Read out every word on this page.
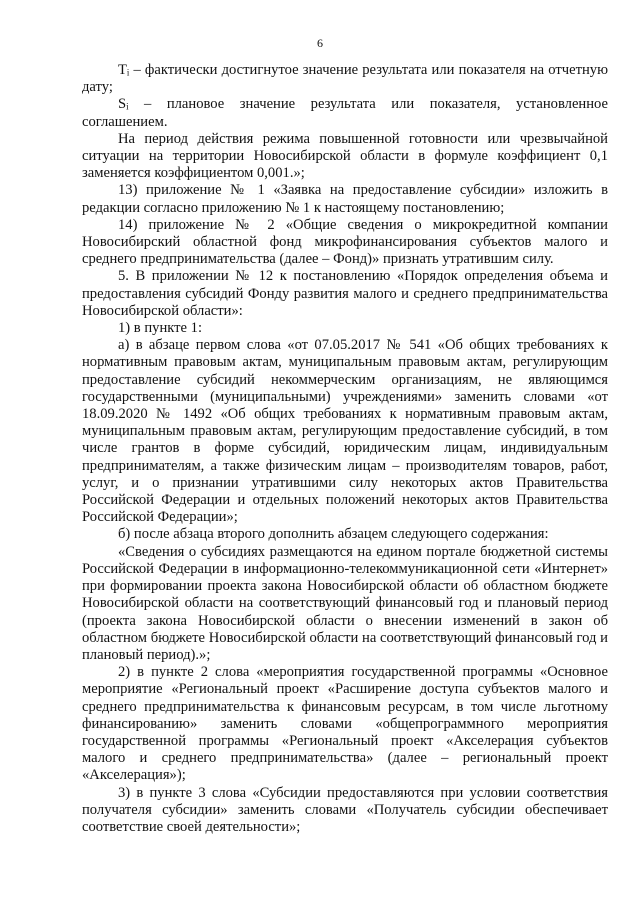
6

Tᵢ – фактически достигнутое значение результата или показателя на отчетную дату;

Sᵢ – плановое значение результата или показателя, установленное соглашением.

На период действия режима повышенной готовности или чрезвычайной ситуации на территории Новосибирской области в формуле коэффициент 0,1 заменяется коэффициентом 0,001.»;

13) приложение № 1 «Заявка на предоставление субсидии» изложить в редакции согласно приложению № 1 к настоящему постановлению;

14) приложение № 2 «Общие сведения о микрокредитной компании Новосибирский областной фонд микрофинансирования субъектов малого и среднего предпринимательства (далее – Фонд)» признать утратившим силу.

5. В приложении № 12 к постановлению «Порядок определения объема и предоставления субсидий Фонду развития малого и среднего предпринимательства Новосибирской области»:

1) в пункте 1:

а) в абзаце первом слова «от 07.05.2017 № 541 «Об общих требованиях к нормативным правовым актам, муниципальным правовым актам, регулирующим предоставление субсидий некоммерческим организациям, не являющимся государственными (муниципальными) учреждениями» заменить словами «от 18.09.2020 № 1492 «Об общих требованиях к нормативным правовым актам, муниципальным правовым актам, регулирующим предоставление субсидий, в том числе грантов в форме субсидий, юридическим лицам, индивидуальным предпринимателям, а также физическим лицам – производителям товаров, работ, услуг, и о признании утратившими силу некоторых актов Правительства Российской Федерации и отдельных положений некоторых актов Правительства Российской Федерации»;

б) после абзаца второго дополнить абзацем следующего содержания:

«Сведения о субсидиях размещаются на едином портале бюджетной системы Российской Федерации в информационно-телекоммуникационной сети «Интернет» при формировании проекта закона Новосибирской области об областном бюджете Новосибирской области на соответствующий финансовый год и плановый период (проекта закона Новосибирской области о внесении изменений в закон об областном бюджете Новосибирской области на соответствующий финансовый год и плановый период).»;

2) в пункте 2 слова «мероприятия государственной программы «Основное мероприятие «Региональный проект «Расширение доступа субъектов малого и среднего предпринимательства к финансовым ресурсам, в том числе льготному финансированию» заменить словами «общепрограммного мероприятия государственной программы «Региональный проект «Акселерация субъектов малого и среднего предпринимательства» (далее – региональный проект «Акселерация»);

3) в пункте 3 слова «Субсидии предоставляются при условии соответствия получателя субсидии» заменить словами «Получатель субсидии обеспечивает соответствие своей деятельности»;
